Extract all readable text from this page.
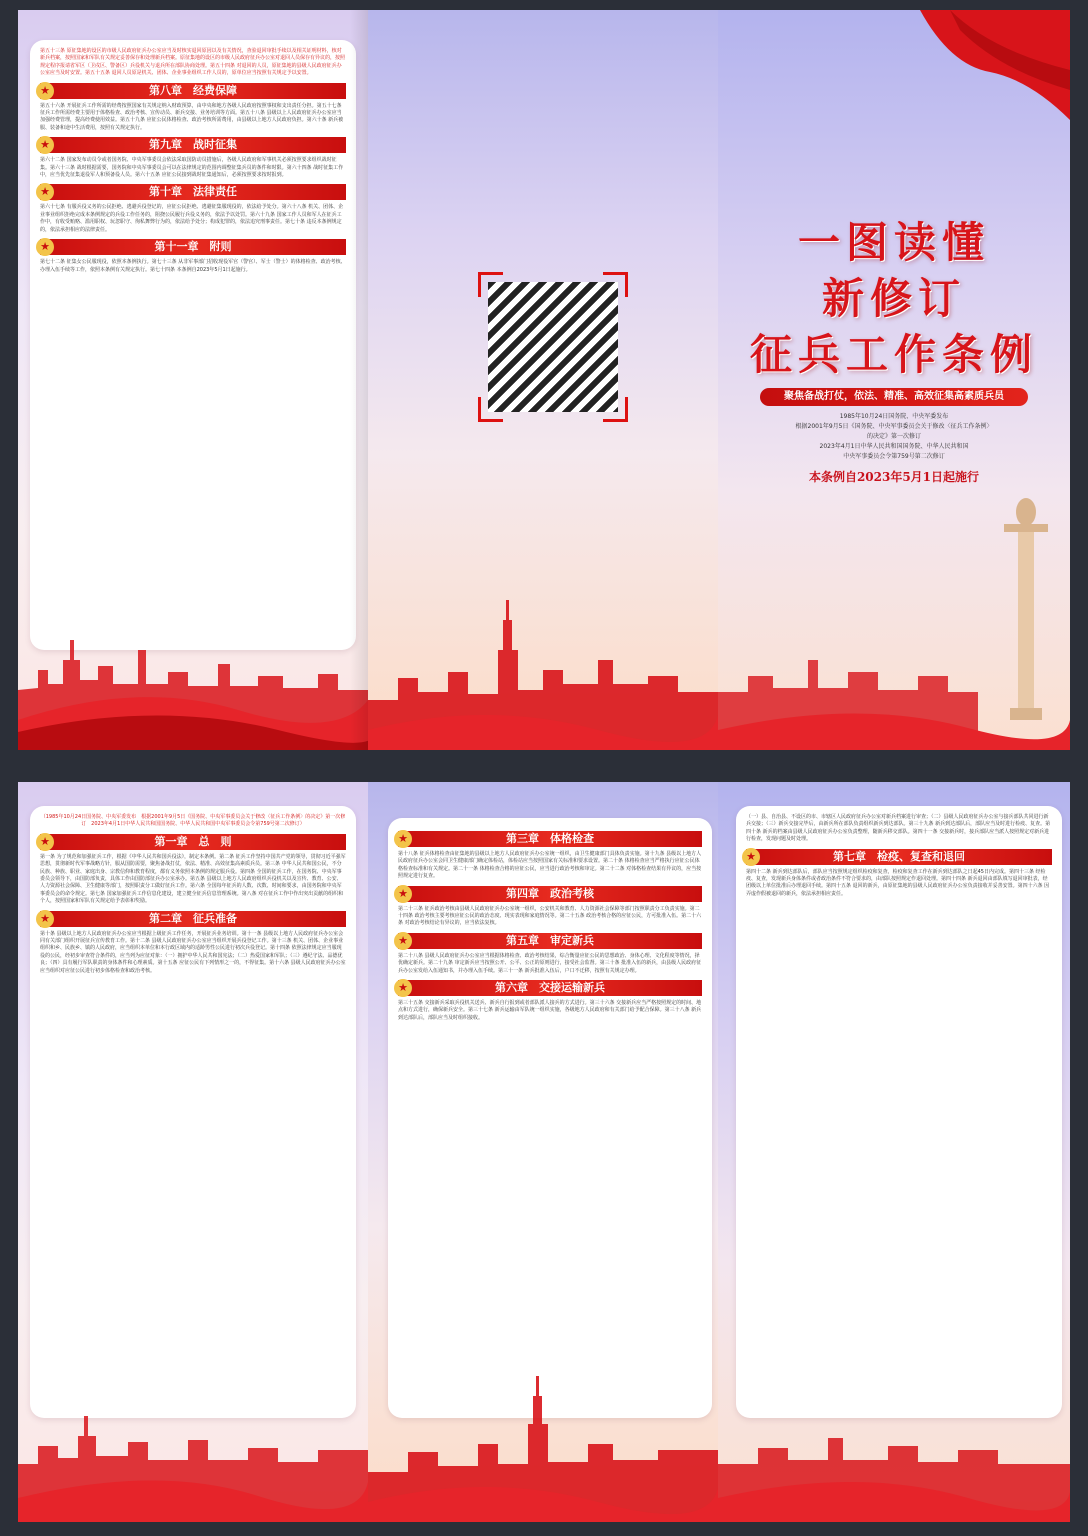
第五十三条 原征集地的设区的市级人民政府征兵办公室应当及时核实退回原因以及有关情况，查验退回审批手续以及相关证明材料，核对新兵档案，按照国家和军队有关规定妥善保存和处理新兵档案。原征集地的设区的市级人民政府征兵办公室对退回人员保存有异议的，按照规定程序报请省军区（卫戍区、警备区）兵役机关与退兵所在部队协商处理。第五十四条 对退回的人员，原征集地的县级人民政府征兵办公室应当及时安置。第五十五条 退回人员原是机关、团体、企业事业组织工作人员的，原单位应当按照有关规定予以安置。

★	第八章　经费保障

第五十六条 开展征兵工作所需的经费按照国家有关规定纳入财政预算，由中央和地方各级人民政府按照事权和支出责任分担。第五十七条 征兵工作所需经费主要用于体格检查、政治考核、宣传动员、新兵交接、业务培训等方面。第五十八条 县级以上人民政府征兵办公室应当加强经费管理，提高经费使用效益。第五十九条 应征公民体格检查、政治考核所需费用，由县级以上地方人民政府负担。第六十条 新兵被服、装备和途中生活费用，按照有关规定执行。

★	第九章　战时征集

第六十二条 国家发布动员令或者国务院、中央军事委员会依法采取国防动员措施后，各级人民政府和军事机关必须按照要求组织战时征集。第六十三条 战时根据需要，国务院和中央军事委员会可以在法律规定的范围内调整征集兵员的条件和时限。第六十四条 战时征集工作中，应当优先征集退役军人和预备役人员。第六十五条 应征公民接到战时征集通知后，必须按照要求按时报到。

★	第十章　法律责任

第六十七条 有服兵役义务的公民拒绝、逃避兵役登记的，应征公民拒绝、逃避征集服现役的，依法给予处分。第六十八条 机关、团体、企业事业组织拒绝完成本条例规定的兵役工作任务的，阻挠公民履行兵役义务的，依法予以处罚。第六十九条 国家工作人员和军人在征兵工作中，有收受贿赂、滥用职权、玩忽职守、徇私舞弊行为的，依法给予处分；构成犯罪的，依法追究刑事责任。第七十条 违反本条例规定的，依法承担相应的法律责任。

★	第十一章　附则

第七十二条 征集女公民服现役，依照本条例执行。第七十三条 从非军事部门招收现役军官（警官）、军士（警士）的体格检查、政治考核、办理入伍手续等工作，依照本条例有关规定执行。第七十四条 本条例自2023年5月1日起施行。

一图读懂
新修订
征兵工作条例
聚焦备战打仗，依法、精准、高效征集高素质兵员
1985年10月24日国务院、中央军委发布
根据2001年9月5日《国务院、中央军事委员会关于修改〈征兵工作条例〉
的决定》第一次修订
2023年4月1日中华人民共和国国务院、中华人民共和国
中央军事委员会令第759号第二次修订
本条例自2023年5月1日起施行

（1985年10月24日国务院、中央军委发布　根据2001年9月5日《国务院、中央军事委员会关于修改〈征兵工作条例〉的决定》第一次修订　2023年4月1日中华人民共和国国务院、中华人民共和国中央军事委员会令第759号第二次修订）

★	第一章　总　则

第一条 为了规范和加强征兵工作，根据《中华人民共和国兵役法》，制定本条例。第二条 征兵工作坚持中国共产党的领导，贯彻习近平强军思想，贯彻新时代军事战略方针，服从国防需要，聚焦备战打仗，依法、精准、高效征集高素质兵员。第三条 中华人民共和国公民，不分民族、种族、职业、家庭出身、宗教信仰和教育程度，都有义务依照本条例的规定服兵役。第四条 全国的征兵工作，在国务院、中央军事委员会领导下，由国防部负责，具体工作由国防部征兵办公室承办。第五条 县级以上地方人民政府组织兵役机关以及宣传、教育、公安、人力资源社会保障、卫生健康等部门，按照职责分工做好征兵工作。第六条 全国每年征兵的人数、次数、时间和要求，由国务院和中央军事委员会的命令规定。第七条 国家加强征兵工作信息化建设，建立健全征兵信息管理系统。第八条 对在征兵工作中作出突出贡献的组织和个人，按照国家和军队有关规定给予表彰和奖励。

★	第二章　征兵准备

第十条 县级以上地方人民政府征兵办公室应当根据上级征兵工作任务，开展征兵业务培训。第十一条 县级以上地方人民政府征兵办公室会同有关部门组织开展征兵宣传教育工作。第十二条 县级人民政府征兵办公室应当组织开展兵役登记工作。第十三条 机关、团体、企业事业组织和乡、民族乡、镇的人民政府，应当组织本单位和本行政区域内的适龄男性公民进行初次兵役登记。第十四条 依照法律规定应当服现役的公民，经初步审查符合条件的，应当列为应征对象：（一）拥护中华人民共和国宪法；（二）热爱国家和军队；（三）遵纪守法、品德优良；（四）具有履行军队职责的身体条件和心理素质。第十五条 应征公民有下列情形之一的，不得征集。第十六条 县级人民政府征兵办公室应当组织对应征公民进行初步体格检查和政治考核。

★	第三章　体格检查

第十八条 征兵体格检查由征集地的县级以上地方人民政府征兵办公室统一组织，由卫生健康部门具体负责实施。第十九条 县级以上地方人民政府征兵办公室会同卫生健康部门确定体检站，体检站应当按照国家有关标准和要求设置。第二十条 体格检查应当严格执行应征公民体格检查标准和有关规定。第二十一条 体格检查合格的应征公民，应当进行政治考核和审定。第二十二条 对体格检查结果有异议的，应当按照规定进行复查。

★	第四章　政治考核

第二十三条 征兵政治考核由县级人民政府征兵办公室统一组织，公安机关和教育、人力资源社会保障等部门按照职责分工负责实施。第二十四条 政治考核主要考核应征公民的政治态度、现实表现和家庭情况等。第二十五条 政治考核合格的应征公民，方可批准入伍。第二十六条 对政治考核结论有异议的，应当依法复核。

★	第五章　审定新兵

第二十八条 县级人民政府征兵办公室应当根据体格检查、政治考核结果，综合衡量应征公民的思想政治、身体心理、文化程度等情况，择优确定新兵。第二十九条 审定新兵应当按照公开、公平、公正的原则进行，接受社会监督。第三十条 批准入伍的新兵，由县级人民政府征兵办公室发给入伍通知书，并办理入伍手续。第三十一条 新兵批准入伍后，户口不迁移，按照有关规定办理。

★	第六章　交接运输新兵

第三十五条 交接新兵采取兵役机关送兵、新兵自行报到或者部队派人接兵的方式进行。第三十六条 交接新兵应当严格按照规定的时间、地点和方式进行，确保新兵安全。第三十七条 新兵运输由军队统一组织实施，各级地方人民政府和有关部门给予配合保障。第三十八条 新兵到达部队后，部队应当及时组织接收。

（一）县、自治县、不设区的市、市辖区人民政府征兵办公室对新兵档案进行审查；（二）县级人民政府征兵办公室与接兵部队共同进行新兵交接；（三）新兵交接完毕后，由新兵所在部队负责组织新兵到达部队。第三十九条 新兵到达部队后，部队应当及时进行检疫、复查。第四十条 新兵的档案由县级人民政府征兵办公室负责整理，随新兵移交部队。第四十一条 交接新兵时，接兵部队应当派人按照规定对新兵进行检查，发现问题及时处理。

★	第七章　检疫、复查和退回

第四十二条 新兵到达部队后，部队应当按照规定组织检疫和复查，检疫和复查工作在新兵到达部队之日起45日内完成。第四十三条 经检疫、复查，发现新兵身体条件或者政治条件不符合要求的，由部队按照规定作退回处理。第四十四条 新兵退回由部队填写退回审批表，经团级以上单位批准后办理退回手续。第四十五条 退回的新兵，由原征集地的县级人民政府征兵办公室负责接收并妥善安置。第四十六条 因弄虚作假被退回的新兵，依法承担相应责任。
